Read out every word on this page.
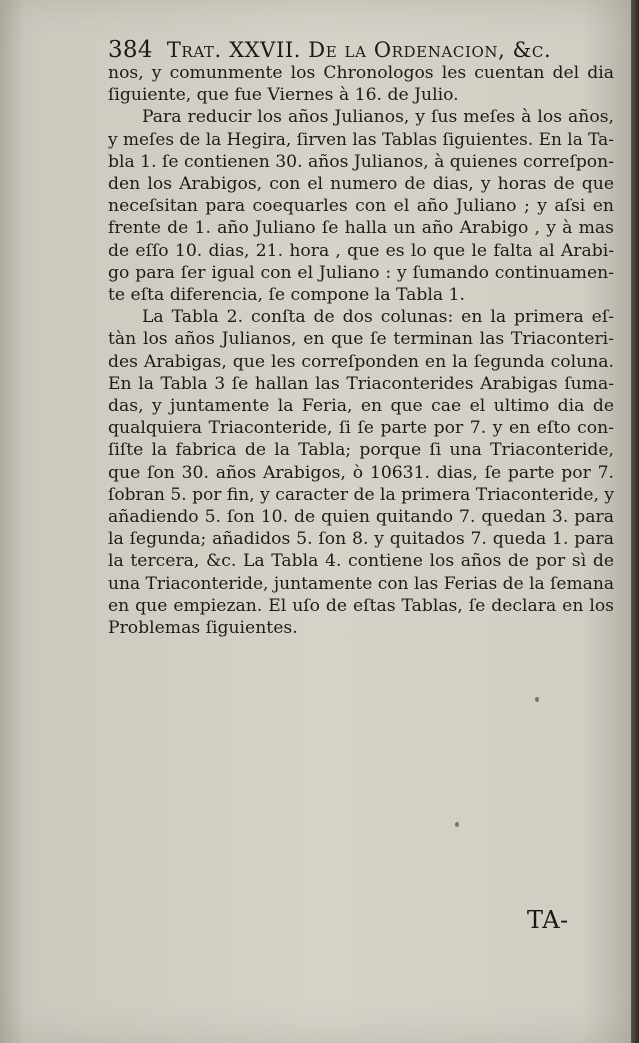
384 Trat. XXVII. De la Ordenacion, &c.

nos, y comunmente los Chronologos les cuentan del dia
ſiguiente, que fue Viernes à 16. de Julio.

Para reducir los años Julianos, y ſus meſes à los años,
y meſes de la Hegira, ſirven las Tablas ſiguientes. En la Ta-
bla 1. ſe contienen 30. años Julianos, à quienes correſpon-
den los Arabigos, con el numero de dias, y horas de que
neceſsitan para coequarles con el año Juliano ; y aſsi en
frente de 1. año Juliano ſe halla un año Arabigo , y à mas
de eſſo 10. dias, 21. hora , que es lo que le falta al Arabi-
go para ſer igual con el Juliano : y ſumando continuamen-
te eſta diferencia, ſe compone la Tabla 1.

La Tabla 2. conſta de dos colunas: en la primera eſ-
tàn los años Julianos, en que ſe terminan las Triaconteri-
des Arabigas, que les correſponden en la ſegunda coluna.
En la Tabla 3 ſe hallan las Triaconterides Arabigas ſuma-
das, y juntamente la Feria, en que cae el ultimo dia de
qualquiera Triaconteride, ſi ſe parte por 7. y en eſto con-
ſiſte la fabrica de la Tabla; porque ſi una Triaconteride,
que ſon 30. años Arabigos, ò 10631. dias, ſe parte por 7.
ſobran 5. por fin, y caracter de la primera Triaconteride, y
añadiendo 5. ſon 10. de quien quitando 7. quedan 3. para
la ſegunda; añadidos 5. ſon 8. y quitados 7. queda 1. para
la tercera, &c. La Tabla 4. contiene los años de por sì de
una Triaconteride, juntamente con las Ferias de la ſemana
en que empiezan. El uſo de eſtas Tablas, ſe declara en los
Problemas ſiguientes.

TA-
